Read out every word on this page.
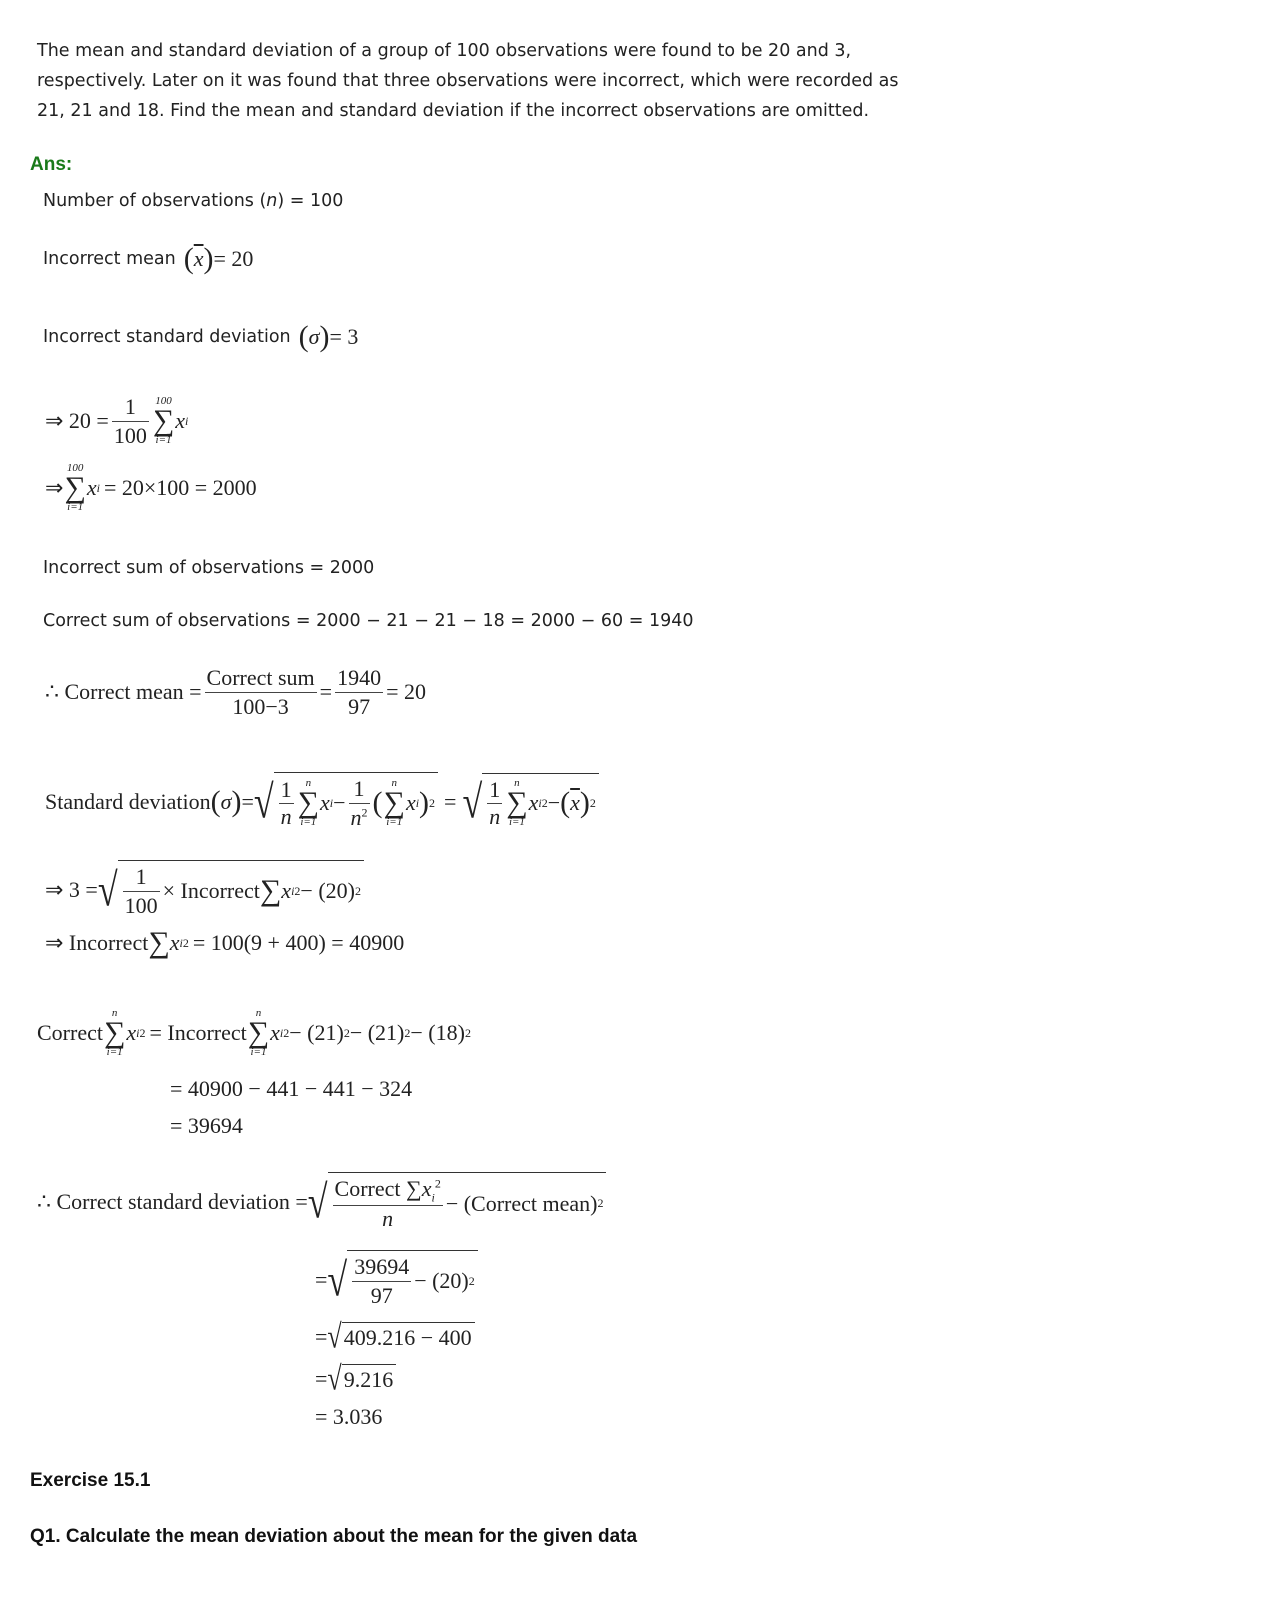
The mean and standard deviation of a group of 100 observations were found to be 20 and 3, respectively. Later on it was found that three observations were incorrect, which were recorded as 21, 21 and 18. Find the mean and standard deviation if the incorrect observations are omitted.
Ans:
Number of observations (n) = 100
Incorrect mean ( $\overline{x}$ ) = 20
Incorrect standard deviation ( σ ) = 3
⇒ $20 = \frac{1}{100} 100$
∑
i=1
x i
⇒
100
∑
i=1
x i = 20×100 = 2000
Incorrect sum of observations = 2000
Correct sum of observations = 2000 − 21 − 21 − 18 = 2000 − 60 = 1940
∴ Correct mean = $\frac{\text{Correct sum}}{100-3} = \frac{1940}{97} = 20$
Standard deviation ( σ ) = √ $\frac{1}{n}$ n
∑
i=1
x $i - \frac{1}{n^2}$ (
n
∑
i=1
x i ) 2 = √ $\frac{1}{n}$ n
∑
i=1
x i 2 − ( $\overline{x}$ ) 2
⇒ 3 = √ $\frac{1}{100}$ × Incorrect ∑ x i 2 − (20) 2
⇒ Incorrect ∑ x i 2 = 100(9 + 400) = 40900
Correct
n
∑
i=1
x i 2 = Incorrect
n
∑
i=1
x i 2 − (21) 2 − (21) 2 − (18) 2
= 40900 − 441 − 441 − 324
= 39694
∴ Correct standard deviation = √ $\frac{Correct \sum x_i^2}{n}$ − (Correct mean) 2
= √ $\frac{39694}{97} - (20)$ 2
= √ 409.216 − 400
= √ 9.216
= 3.036
Exercise 15.1
Q1. Calculate the mean deviation about the mean for the given data
